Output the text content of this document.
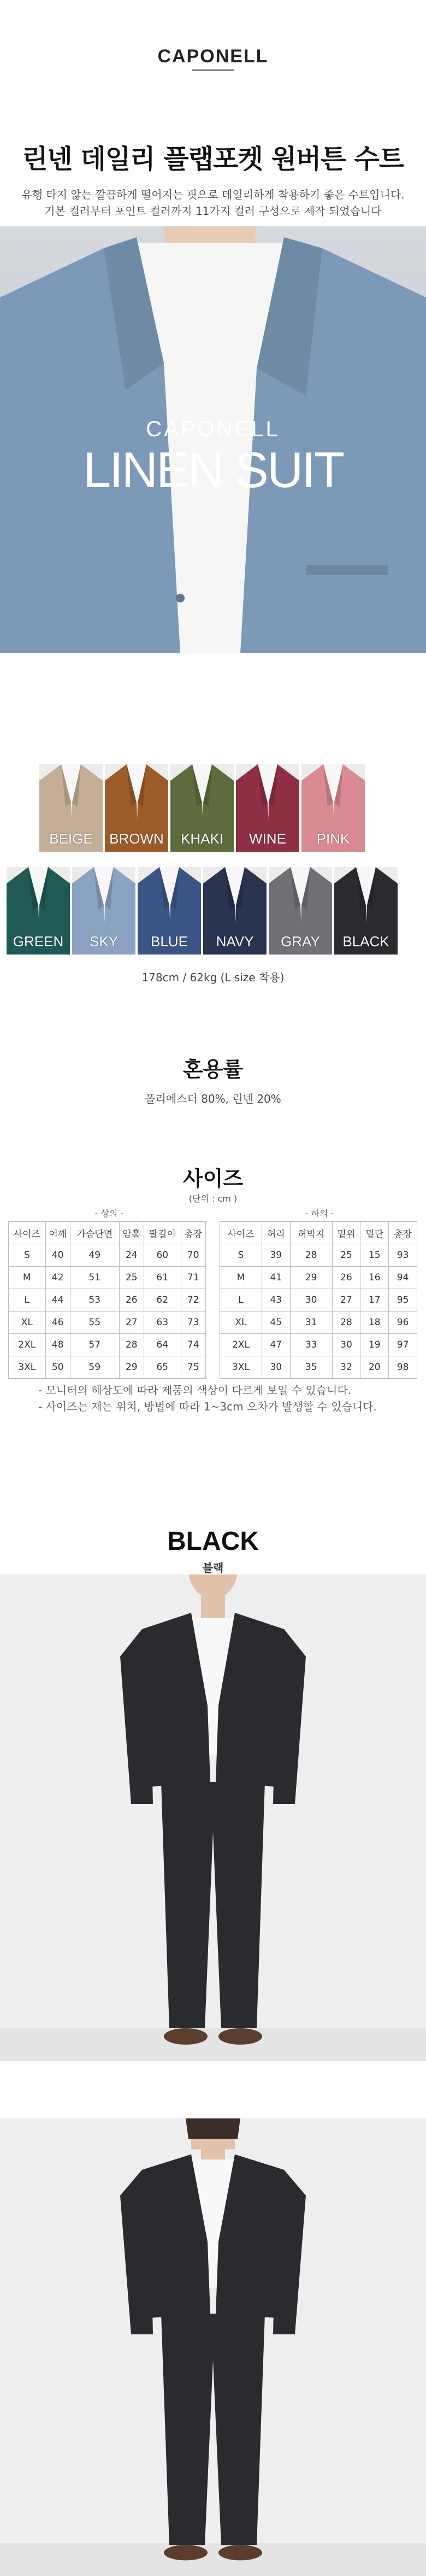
CAPONELL
린넨 데일리 플랩포켓 원버튼 수트
유행 타지 않는 깔끔하게 떨어지는 핏으로 데일리하게 착용하기 좋은 수트입니다.
기본 컬러부터 포인트 컬러까지 11가지 컬러 구성으로 제작 되었습니다
CAPONELL
LINEN SUIT
BEIGE	BROWN	KHAKI	WINE	PINK
GREEN	SKY	BLUE	NAVY	GRAY	BLACK
178cm / 62kg (L size 착용)
혼용률
폴리에스터 80%, 린넨 20%
사이즈
(단위 : cm )
- 상의 -	- 하의 -
사이즈	어깨	가슴단면	암홀	팔길이	총장
S	40	49	24	60	70
M	42	51	25	61	71
L	44	53	26	62	72
XL	46	55	27	63	73
2XL	48	57	28	64	74
3XL	50	59	29	65	75
사이즈	허리	허벅지	밑위	밑단	총장
S	39	28	25	15	93
M	41	29	26	16	94
L	43	30	27	17	95
XL	45	31	28	18	96
2XL	47	33	30	19	97
3XL	30	35	32	20	98
- 모니터의 해상도에 따라 제품의 색상이 다르게 보일 수 있습니다.
- 사이즈는 재는 위치, 방법에 따라 1~3cm 오차가 발생할 수 있습니다.
BLACK
블랙
